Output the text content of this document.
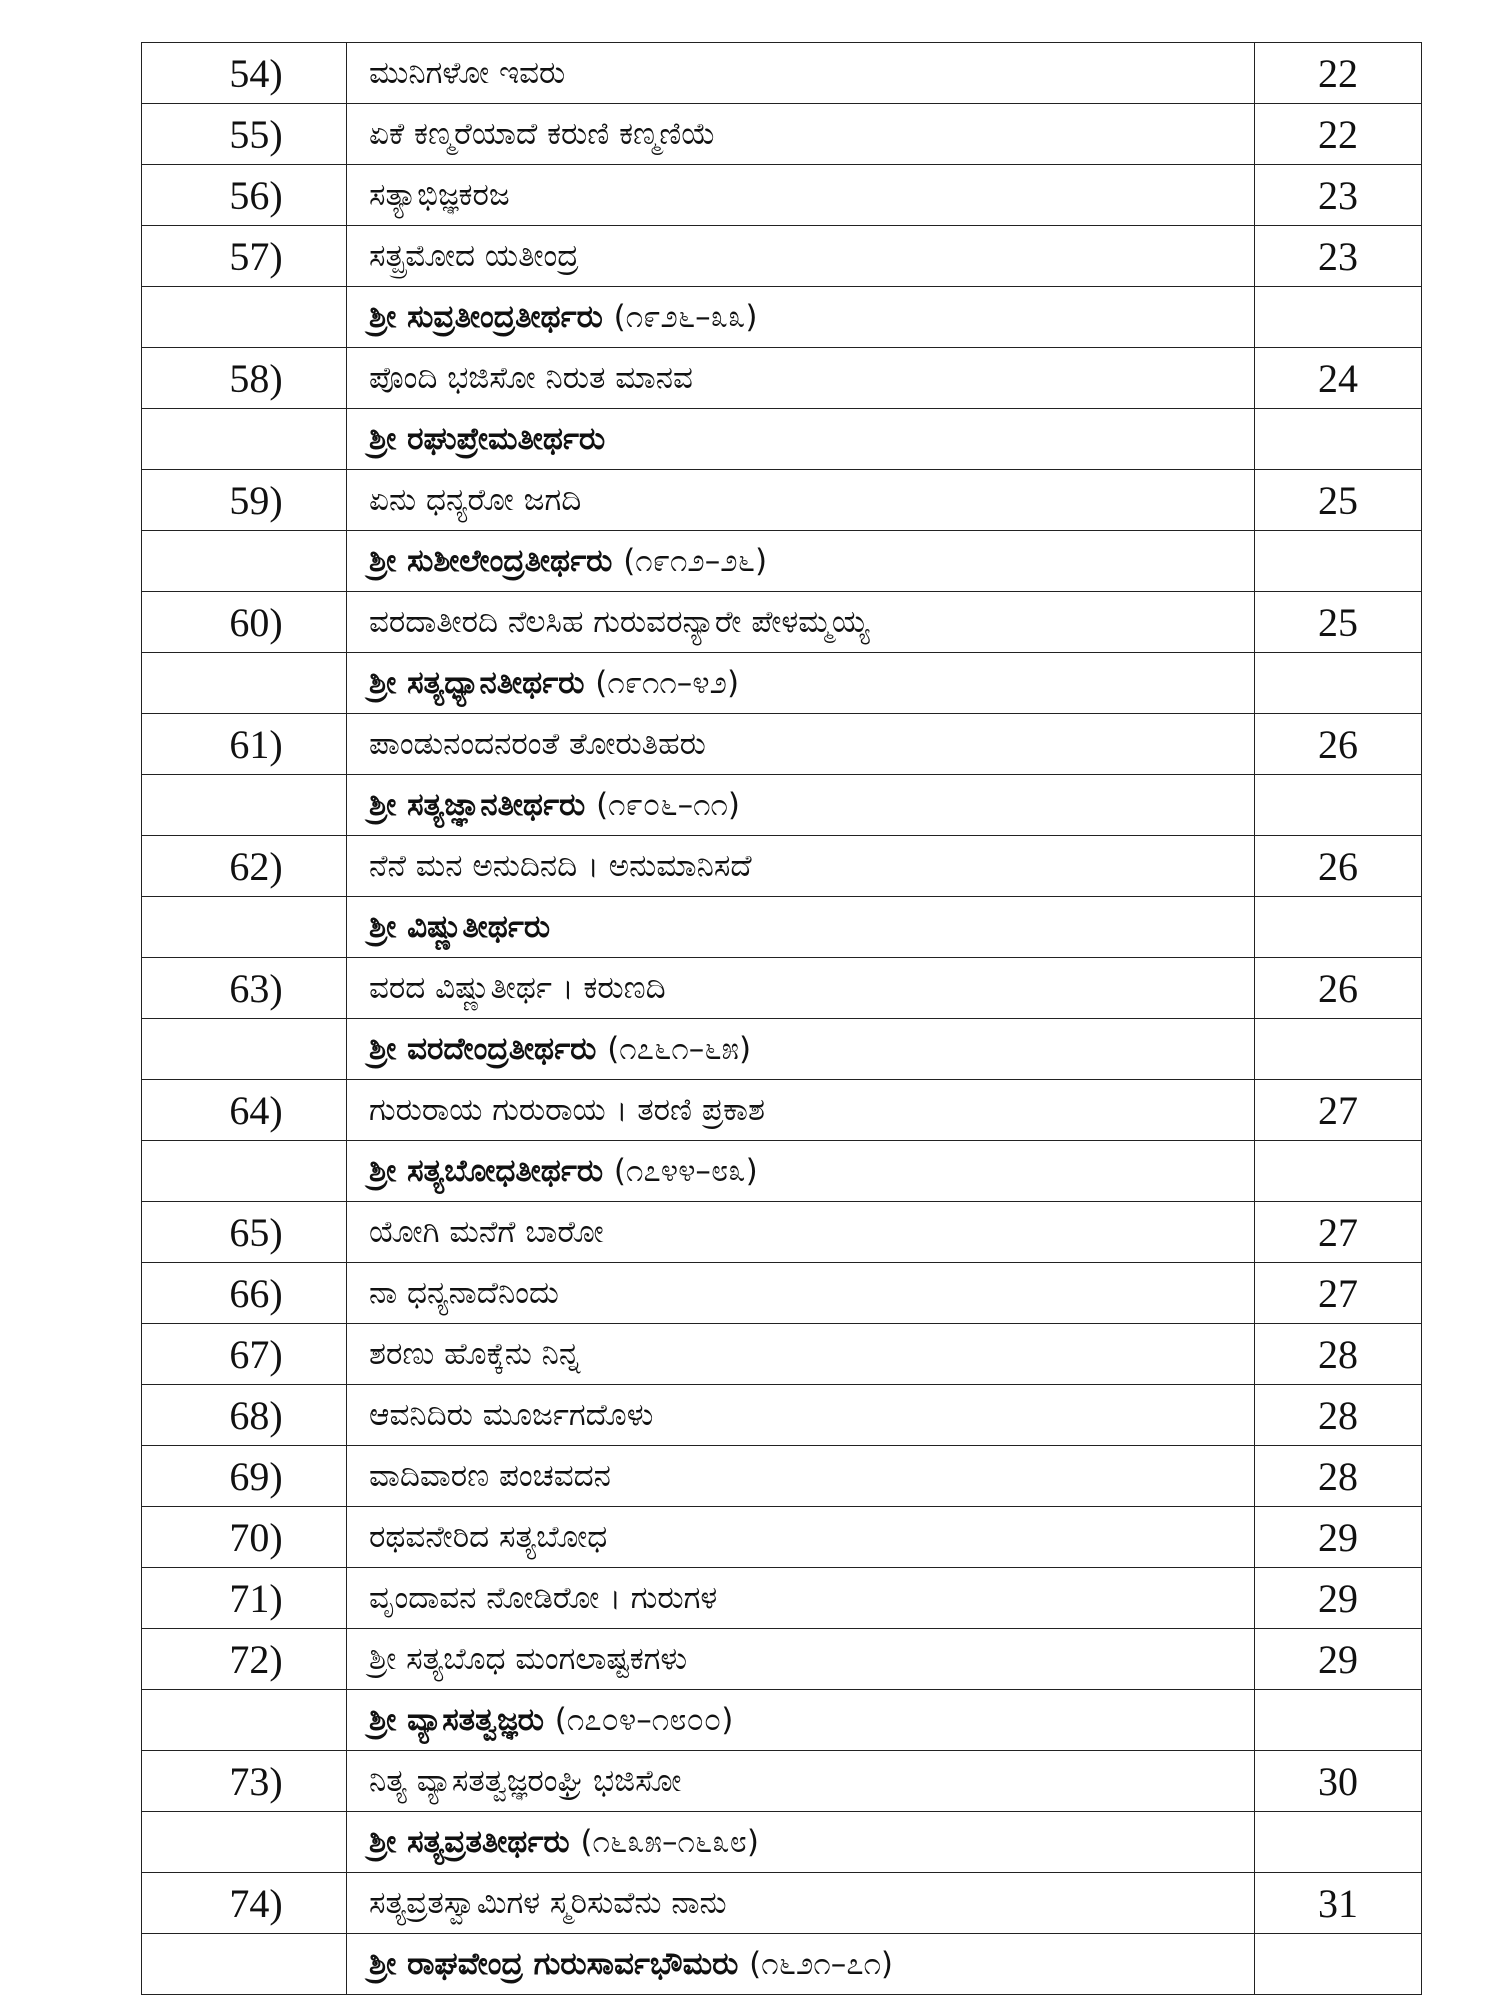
54)	ಮುನಿಗಳೋ ಇವರು	22
55)	ಏಕೆ ಕಣ್ಮರೆಯಾದೆ ಕರುಣಿ ಕಣ್ಮಣಿಯೆ	22
56)	ಸತ್ಯಾಭಿಜ್ಞಕರಜ	23
57)	ಸತ್ಪ್ರಮೋದ ಯತೀಂದ್ರ	23
	ಶ್ರೀ ಸುವ್ರತೀಂದ್ರತೀರ್ಥರು (೧೯೨೬–೩೩)	
58)	ಪೊಂದಿ ಭಜಿಸೋ ನಿರುತ ಮಾನವ	24
	ಶ್ರೀ ರಘುಪ್ರೇಮತೀರ್ಥರು	
59)	ಏನು ಧನ್ಯರೋ ಜಗದಿ	25
	ಶ್ರೀ ಸುಶೀಲೇಂದ್ರತೀರ್ಥರು (೧೯೧೨–೨೬)	
60)	ವರದಾತೀರದಿ ನೆಲಸಿಹ ಗುರುವರನ್ಯಾರೇ ಪೇಳಮ್ಮಯ್ಯ	25
	ಶ್ರೀ ಸತ್ಯಧ್ಯಾನತೀರ್ಥರು (೧೯೧೧–೪೨)	
61)	ಪಾಂಡುನಂದನರಂತೆ ತೋರುತಿಹರು	26
	ಶ್ರೀ ಸತ್ಯಜ್ಞಾನತೀರ್ಥರು (೧೯೦೬–೧೧)	
62)	ನೆನೆ ಮನ ಅನುದಿನದಿ । ಅನುಮಾನಿಸದೆ	26
	ಶ್ರೀ ವಿಷ್ಣುತೀರ್ಥರು	
63)	ವರದ ವಿಷ್ಣುತೀರ್ಥ । ಕರುಣದಿ	26
	ಶ್ರೀ ವರದೇಂದ್ರತೀರ್ಥರು (೧೭೬೧–೬೫)	
64)	ಗುರುರಾಯ ಗುರುರಾಯ । ತರಣಿ ಪ್ರಕಾಶ	27
	ಶ್ರೀ ಸತ್ಯಬೋಧತೀರ್ಥರು (೧೭೪೪–೮೩)	
65)	ಯೋಗಿ ಮನೆಗೆ ಬಾರೋ	27
66)	ನಾ ಧನ್ಯನಾದೆನಿಂದು	27
67)	ಶರಣು ಹೊಕ್ಕೆನು ನಿನ್ನ	28
68)	ಆವನಿದಿರು ಮೂರ್ಜಗದೊಳು	28
69)	ವಾದಿವಾರಣ ಪಂಚವದನ	28
70)	ರಥವನೇರಿದ ಸತ್ಯಬೋಧ	29
71)	ವೃಂದಾವನ ನೋಡಿರೋ । ಗುರುಗಳ	29
72)	ಶ್ರೀ ಸತ್ಯಬೊಧ ಮಂಗಲಾಷ್ಟಕಗಳು	29
	ಶ್ರೀ ವ್ಯಾಸತತ್ವಜ್ಞರು (೧೭೦೪–೧೮೦೦)	
73)	ನಿತ್ಯ ವ್ಯಾಸತತ್ವಜ್ಞರಂಘ್ರಿ ಭಜಿಸೋ	30
	ಶ್ರೀ ಸತ್ಯವ್ರತತೀರ್ಥರು (೧೬೩೫–೧೬೩೮)	
74)	ಸತ್ಯವ್ರತಸ್ವಾಮಿಗಳ ಸ್ಮರಿಸುವೆನು ನಾನು	31
	ಶ್ರೀ ರಾಘವೇಂದ್ರ ಗುರುಸಾರ್ವಭೌಮರು (೧೬೨೧–೭೧)	
